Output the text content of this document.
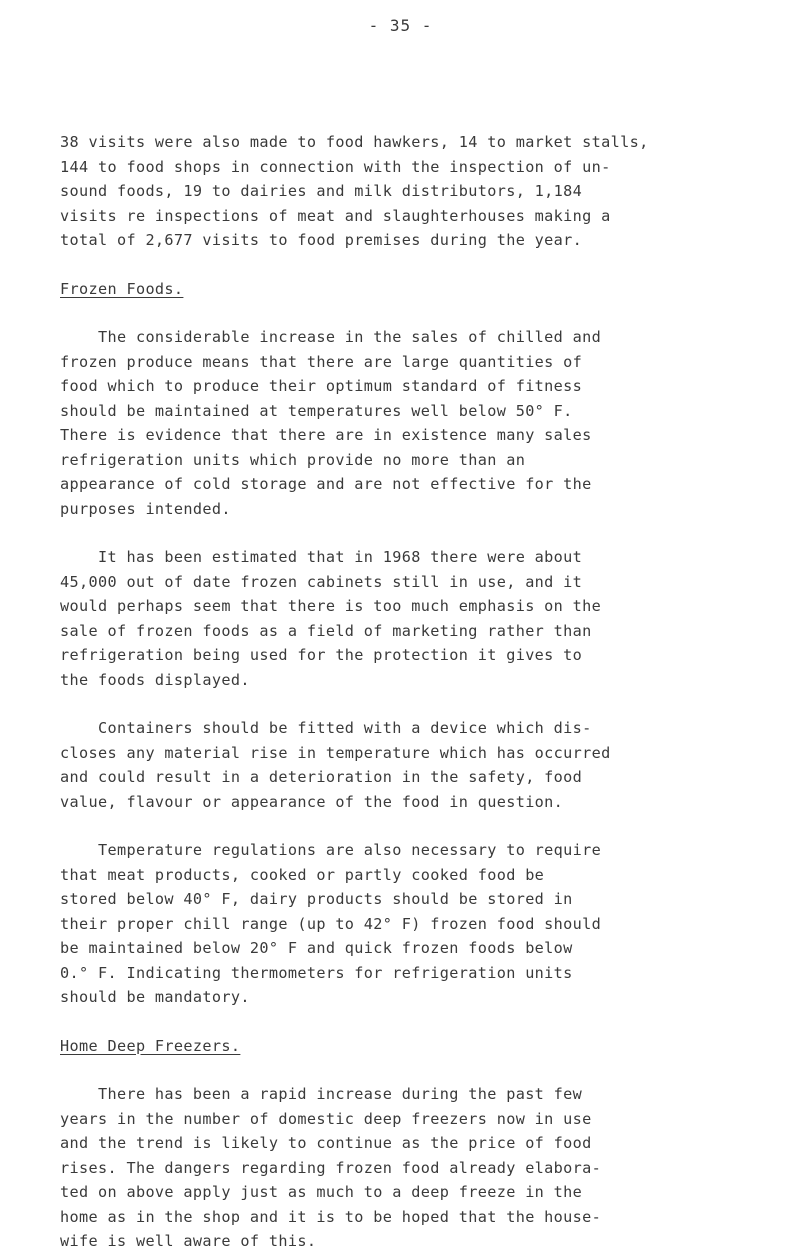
- 35 -
38 visits were also made to food hawkers, 14 to market stalls,
144 to food shops in connection with the inspection of un-
sound foods, 19 to dairies and milk distributors, 1,184
visits re inspections of meat and slaughterhouses making a
total of 2,677 visits to food premises during the year.
Frozen Foods.
The considerable increase in the sales of chilled and
frozen produce means that there are large quantities of
food which to produce their optimum standard of fitness
should be maintained at temperatures well below 50° F.
There is evidence that there are in existence many sales
refrigeration units which provide no more than an
appearance of cold storage and are not effective for the
purposes intended.
It has been estimated that in 1968 there were about
45,000 out of date frozen cabinets still in use, and it
would perhaps seem that there is too much emphasis on the
sale of frozen foods as a field of marketing rather than
refrigeration being used for the protection it gives to
the foods displayed.
Containers should be fitted with a device which dis-
closes any material rise in temperature which has occurred
and could result in a deterioration in the safety, food
value, flavour or appearance of the food in question.
Temperature regulations are also necessary to require
that meat products, cooked or partly cooked food be
stored below 40° F, dairy products should be stored in
their proper chill range (up to 42° F) frozen food should
be maintained below 20° F and quick frozen foods below
0.° F. Indicating thermometers for refrigeration units
should be mandatory.
Home Deep Freezers.
There has been a rapid increase during the past few
years in the number of domestic deep freezers now in use
and the trend is likely to continue as the price of food
rises. The dangers regarding frozen food already elabora-
ted on above apply just as much to a deep freeze in the
home as in the shop and it is to be hoped that the house-
wife is well aware of this.
